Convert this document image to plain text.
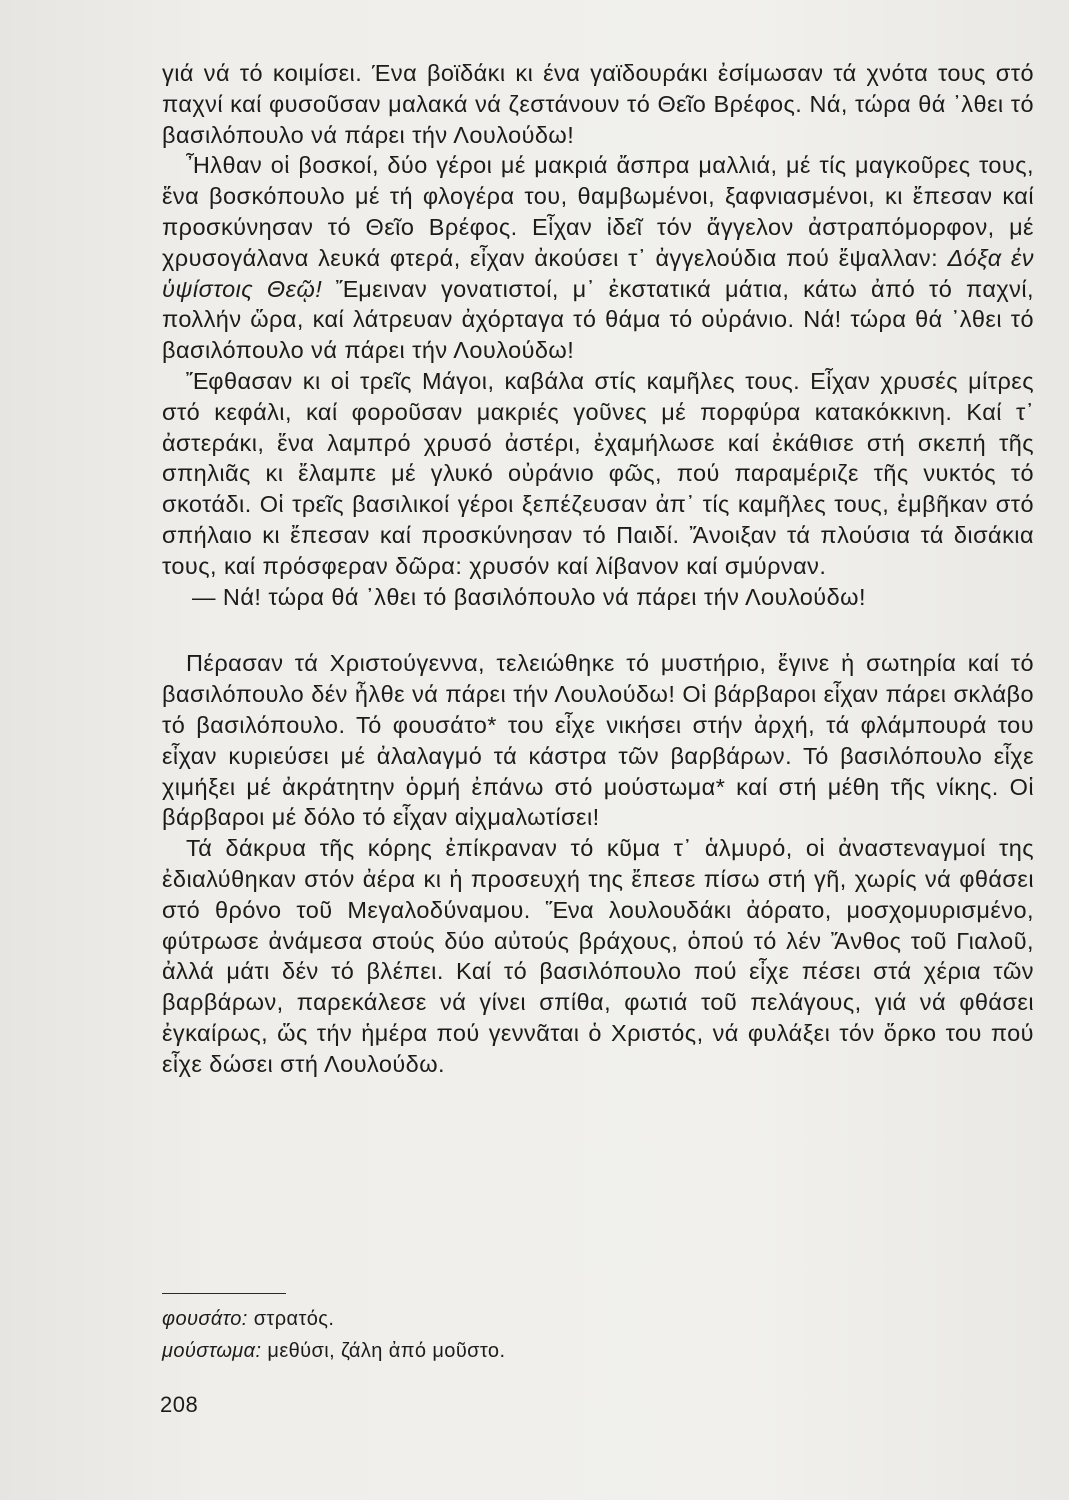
γιά νά τό κοιμίσει. Ένα βοϊδάκι κι ένα γαϊδουράκι ἐσίμωσαν τά χνότα τους στό παχνί καί φυσοῦσαν μαλακά νά ζεστάνουν τό Θεῖο Βρέφος. Νά, τώρα θά ᾽λθει τό βασιλόπουλο νά πάρει τήν Λουλούδω!

Ἦλθαν οἱ βοσκοί, δύο γέροι μέ μακριά ἄσπρα μαλλιά, μέ τίς μαγκοῦρες τους, ἕνα βοσκόπουλο μέ τή φλογέρα του, θαμβωμένοι, ξαφνιασμένοι, κι ἔπεσαν καί προσκύνησαν τό Θεῖο Βρέφος. Εἶχαν ἰδεῖ τόν ἄγγελον ἀστραπόμορφον, μέ χρυσογάλανα λευκά φτερά, εἶχαν ἀκούσει τ᾽ ἀγγελούδια πού ἔψαλλαν: Δόξα ἐν ὑψίστοις Θεῷ! Ἔμειναν γονατιστοί, μ᾽ ἐκστατικά μάτια, κάτω ἀπό τό παχνί, πολλήν ὥρα, καί λάτρευαν ἀχόρταγα τό θάμα τό οὐράνιο. Νά! τώρα θά ᾽λθει τό βασιλόπουλο νά πάρει τήν Λουλούδω!

Ἔφθασαν κι οἱ τρεῖς Μάγοι, καβάλα στίς καμῆλες τους. Εἶχαν χρυσές μίτρες στό κεφάλι, καί φοροῦσαν μακριές γοῦνες μέ πορφύρα κατακόκκινη. Καί τ᾽ ἀστεράκι, ἕνα λαμπρό χρυσό ἀστέρι, ἐχαμήλωσε καί ἐκάθισε στή σκεπή τῆς σπηλιᾶς κι ἔλαμπε μέ γλυκό οὐράνιο φῶς, πού παραμέριζε τῆς νυκτός τό σκοτάδι. Οἱ τρεῖς βασιλικοί γέροι ξεπέζευσαν ἀπ᾽ τίς καμῆλες τους, ἐμβῆκαν στό σπήλαιο κι ἔπεσαν καί προσκύνησαν τό Παιδί. Ἄνοιξαν τά πλούσια τά δισάκια τους, καί πρόσφεραν δῶρα: χρυσόν καί λίβανον καί σμύρναν.

— Νά! τώρα θά ᾽λθει τό βασιλόπουλο νά πάρει τήν Λουλούδω!

Πέρασαν τά Χριστούγεννα, τελειώθηκε τό μυστήριο, ἔγινε ἡ σωτηρία καί τό βασιλόπουλο δέν ἦλθε νά πάρει τήν Λουλούδω! Οἱ βάρβαροι εἶχαν πάρει σκλάβο τό βασιλόπουλο. Τό φουσάτο* του εἶχε νικήσει στήν ἀρχή, τά φλάμπουρά του εἶχαν κυριεύσει μέ ἀλαλαγμό τά κάστρα τῶν βαρβάρων. Τό βασιλόπουλο εἶχε χιμήξει μέ ἀκράτητην ὁρμή ἐπάνω στό μούστωμα* καί στή μέθη τῆς νίκης. Οἱ βάρβαροι μέ δόλο τό εἶχαν αἰχμαλωτίσει!

Τά δάκρυα τῆς κόρης ἐπίκραναν τό κῦμα τ᾽ ἁλμυρό, οἱ ἀναστεναγμοί της ἐδιαλύθηκαν στόν ἀέρα κι ἡ προσευχή της ἔπεσε πίσω στή γῆ, χωρίς νά φθάσει στό θρόνο τοῦ Μεγαλοδύναμου. Ἕνα λουλουδάκι ἀόρατο, μοσχομυρισμένο, φύτρωσε ἀνάμεσα στούς δύο αὐτούς βράχους, ὁπού τό λέν Ἄνθος τοῦ Γιαλοῦ, ἀλλά μάτι δέν τό βλέπει. Καί τό βασιλόπουλο πού εἶχε πέσει στά χέρια τῶν βαρβάρων, παρεκάλεσε νά γίνει σπίθα, φωτιά τοῦ πελάγους, γιά νά φθάσει ἐγκαίρως, ὥς τήν ἡμέρα πού γεννᾶται ὁ Χριστός, νά φυλάξει τόν ὅρκο του πού εἶχε δώσει στή Λουλούδω.

φουσάτο: στρατός.
μούστωμα: μεθύσι, ζάλη ἀπό μοῦστο.
208
